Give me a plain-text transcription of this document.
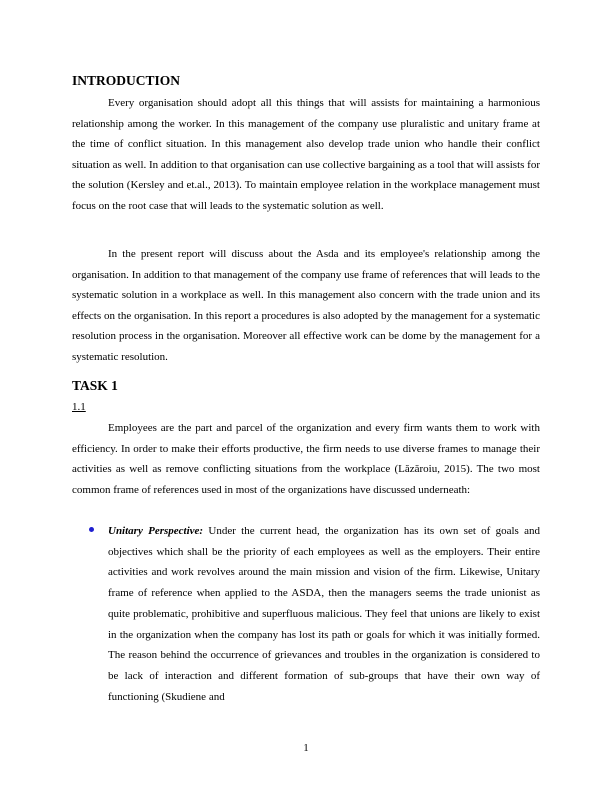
INTRODUCTION

Every organisation should adopt all this things that will assists for maintaining a harmonious relationship among the worker. In this management of the company use pluralistic and unitary frame at the time of conflict situation. In this management also develop trade union who handle their conflict situation as well. In addition to that organisation can use collective bargaining as a tool that will assists for the solution (Kersley and et.al., 2013). To maintain employee relation in the workplace management must focus on the root case that will leads to the systematic solution as well.

In the present report will discuss about the Asda and its employee's relationship among the organisation. In addition to that management of the company use frame of references that will leads to the systematic solution in a workplace as well. In this management also concern with the trade union and its effects on the organisation. In this report a procedures is also adopted by the management for a systematic resolution process in the organisation. Moreover all effective work can be dome by the management for a systematic resolution.

TASK 1

1.1

Employees are the part and parcel of the organization and every firm wants them to work with efficiency. In order to make their efforts productive, the firm needs to use diverse frames to manage their activities as well as remove conflicting situations from the workplace (Lăzăroiu, 2015). The two most common frame of references used in most of the organizations have discussed underneath:

Unitary Perspective: Under the current head, the organization has its own set of goals and objectives which shall be the priority of each employees as well as the employers. Their entire activities and work revolves around the main mission and vision of the firm. Likewise, Unitary frame of reference when applied to the ASDA, then the managers seems the trade unionist as quite problematic, prohibitive and superfluous malicious. They feel that unions are likely to exist in the organization when the company has lost its path or goals for which it was initially formed. The reason behind the occurrence of grievances and troubles in the organization is considered to be lack of interaction and different formation of sub-groups that have their own way of functioning (Skudiene and

1
